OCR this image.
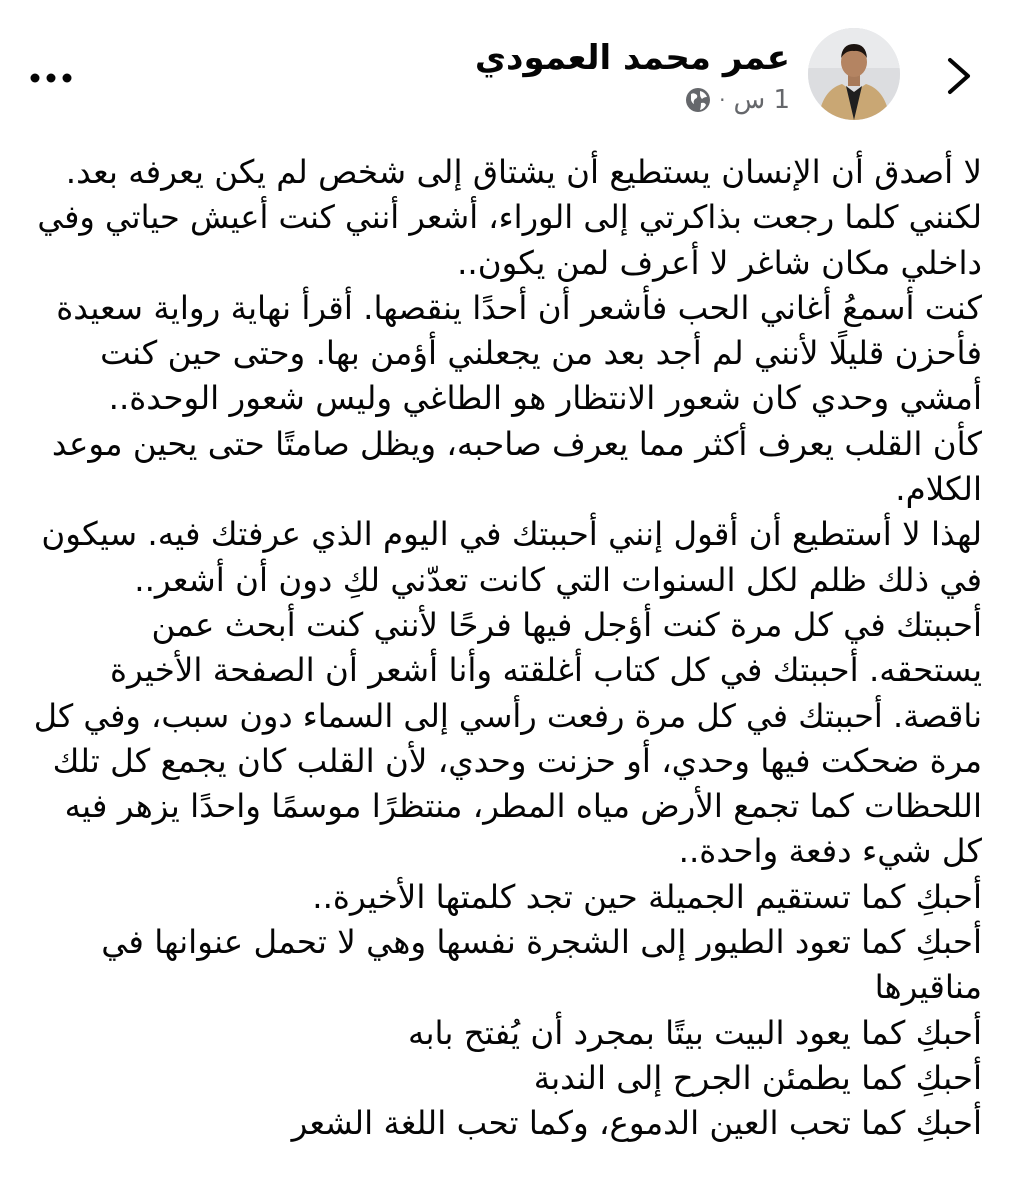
عمر محمد العمودي
1 س
·
لا أصدق أن الإنسان يستطيع أن يشتاق إلى شخص لم يكن يعرفه بعد.
لكنني كلما رجعت بذاكرتي إلى الوراء، أشعر أنني كنت أعيش حياتي وفي
داخلي مكان شاغر لا أعرف لمن يكون..
كنت أسمعُ أغاني الحب فأشعر أن أحدًا ينقصها. أقرأ نهاية رواية سعيدة
فأحزن قليلًا لأنني لم أجد بعد من يجعلني أؤمن بها. وحتى حين كنت
أمشي وحدي كان شعور الانتظار هو الطاغي وليس شعور الوحدة..
كأن القلب يعرف أكثر مما يعرف صاحبه، ويظل صامتًا حتى يحين موعد
الكلام.
لهذا لا أستطيع أن أقول إنني أحببتك في اليوم الذي عرفتك فيه. سيكون
في ذلك ظلم لكل السنوات التي كانت تعدّني لكِ دون أن أشعر..
أحببتك في كل مرة كنت أؤجل فيها فرحًا لأنني كنت أبحث عمن
يستحقه. أحببتك في كل كتاب أغلقته وأنا أشعر أن الصفحة الأخيرة
ناقصة. أحببتك في كل مرة رفعت رأسي إلى السماء دون سبب، وفي كل
مرة ضحكت فيها وحدي، أو حزنت وحدي، لأن القلب كان يجمع كل تلك
اللحظات كما تجمع الأرض مياه المطر، منتظرًا موسمًا واحدًا يزهر فيه
كل شيء دفعة واحدة..
أحبكِ كما تستقيم الجميلة حين تجد كلمتها الأخيرة..
أحبكِ كما تعود الطيور إلى الشجرة نفسها وهي لا تحمل عنوانها في
مناقيرها
أحبكِ كما يعود البيت بيتًا بمجرد أن يُفتح بابه
أحبكِ كما يطمئن الجرح إلى الندبة
أحبكِ كما تحب العين الدموع، وكما تحب اللغة الشعر
